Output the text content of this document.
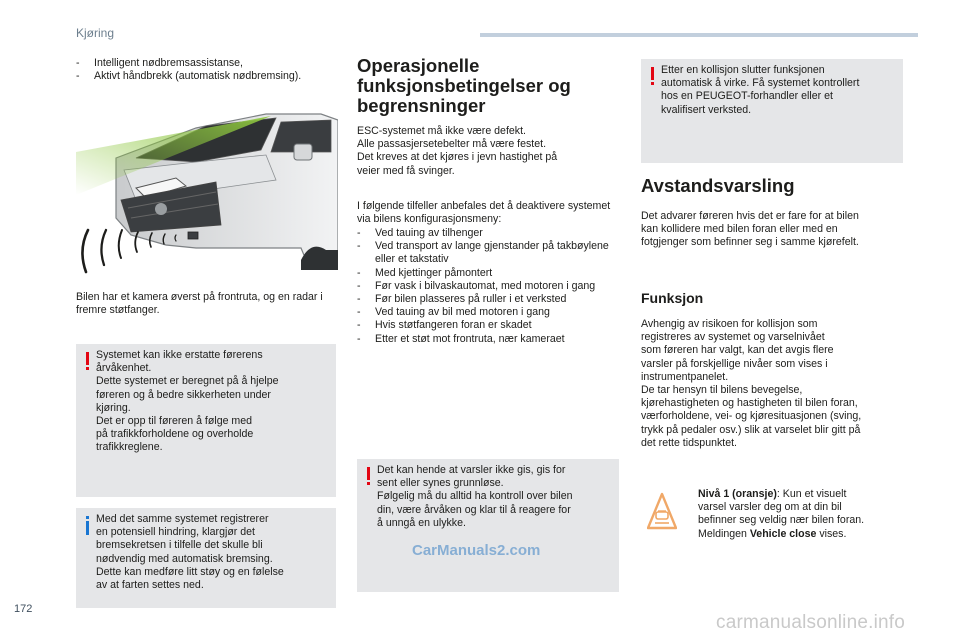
Kjøring
- Intelligent nødbremsassistanse,
- Aktivt håndbrekk (automatisk nødbremsing).
Bilen har et kamera øverst på frontruta, og en radar i fremre støtfanger.
Systemet kan ikke erstatte førerens
årvåkenhet.
Dette systemet er beregnet på å hjelpe
føreren og å bedre sikkerheten under
kjøring.
Det er opp til føreren å følge med
på trafikkforholdene og overholde
trafikkreglene.
Med det samme systemet registrerer
en potensiell hindring, klargjør det
bremsekretsen i tilfelle det skulle bli
nødvendig med automatisk bremsing.
Dette kan medføre litt støy og en følelse
av at farten settes ned.
Operasjonelle
funksjonsbetingelser og
begrensninger
ESC-systemet må ikke være defekt.
Alle passasjersetebelter må være festet.
Det kreves at det kjøres i jevn hastighet på
veier med få svinger.
I følgende tilfeller anbefales det å deaktivere systemet via bilens konfigurasjonsmeny:
- Ved tauing av tilhenger
- Ved transport av lange gjenstander på takbøylene eller et takstativ
- Med kjettinger påmontert
- Før vask i bilvaskautomat, med motoren i gang
- Før bilen plasseres på ruller i et verksted
- Ved tauing av bil med motoren i gang
- Hvis støtfangeren foran er skadet
- Etter et støt mot frontruta, nær kameraet
Det kan hende at varsler ikke gis, gis for
sent eller synes grunnløse.
Følgelig må du alltid ha kontroll over bilen
din, være årvåken og klar til å reagere for
å unngå en ulykke.
CarManuals2.com
Etter en kollisjon slutter funksjonen
automatisk å virke. Få systemet kontrollert
hos en PEUGEOT-forhandler eller et
kvalifisert verksted.
Avstandsvarsling
Det advarer føreren hvis det er fare for at bilen
kan kollidere med bilen foran eller med en
fotgjenger som befinner seg i samme kjørefelt.
Funksjon
Avhengig av risikoen for kollisjon som
registreres av systemet og varselnivået
som føreren har valgt, kan det avgis flere
varsler på forskjellige nivåer som vises i
instrumentpanelet.
De tar hensyn til bilens bevegelse,
kjørehastigheten og hastigheten til bilen foran,
værforholdene, vei- og kjøresituasjonen (sving,
trykk på pedaler osv.) slik at varselet blir gitt på
det rette tidspunktet.
Nivå 1 (oransje): Kun et visuelt
varsel varsler deg om at din bil
befinner seg veldig nær bilen foran.
Meldingen Vehicle close vises.
172
carmanualsonline.info
